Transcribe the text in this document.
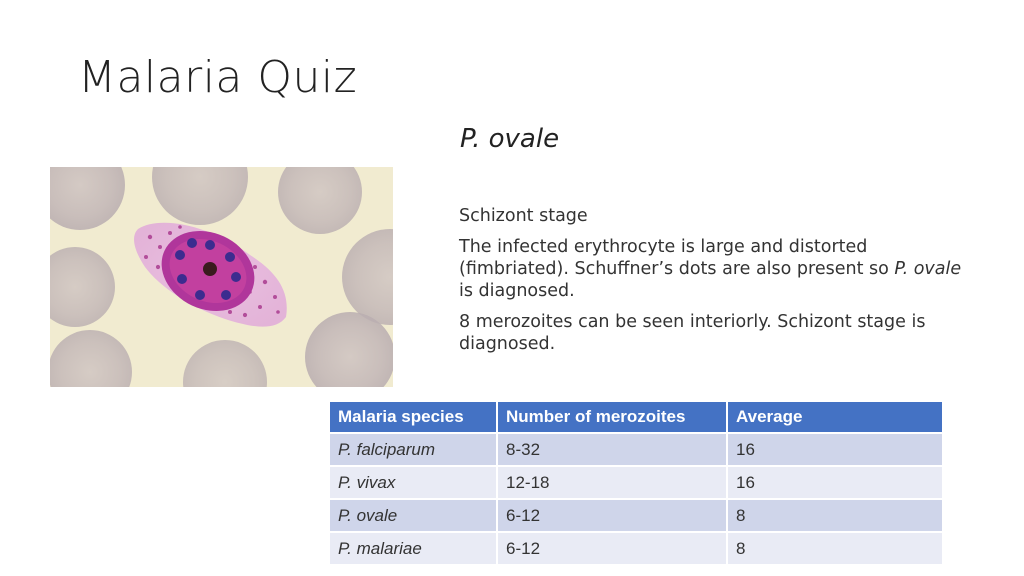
Malaria Quiz
P. ovale

Schizont stage

The infected erythrocyte is large and distorted (fimbriated). Schuffner’s dots are also present so P. ovale is diagnosed.

8 merozoites can be seen interiorly. Schizont stage is diagnosed.

Malaria species	Number of merozoites	Average
P. falciparum	8-32	16
P. vivax	12-18	16
P. ovale	6-12	8
P. malariae	6-12	8
